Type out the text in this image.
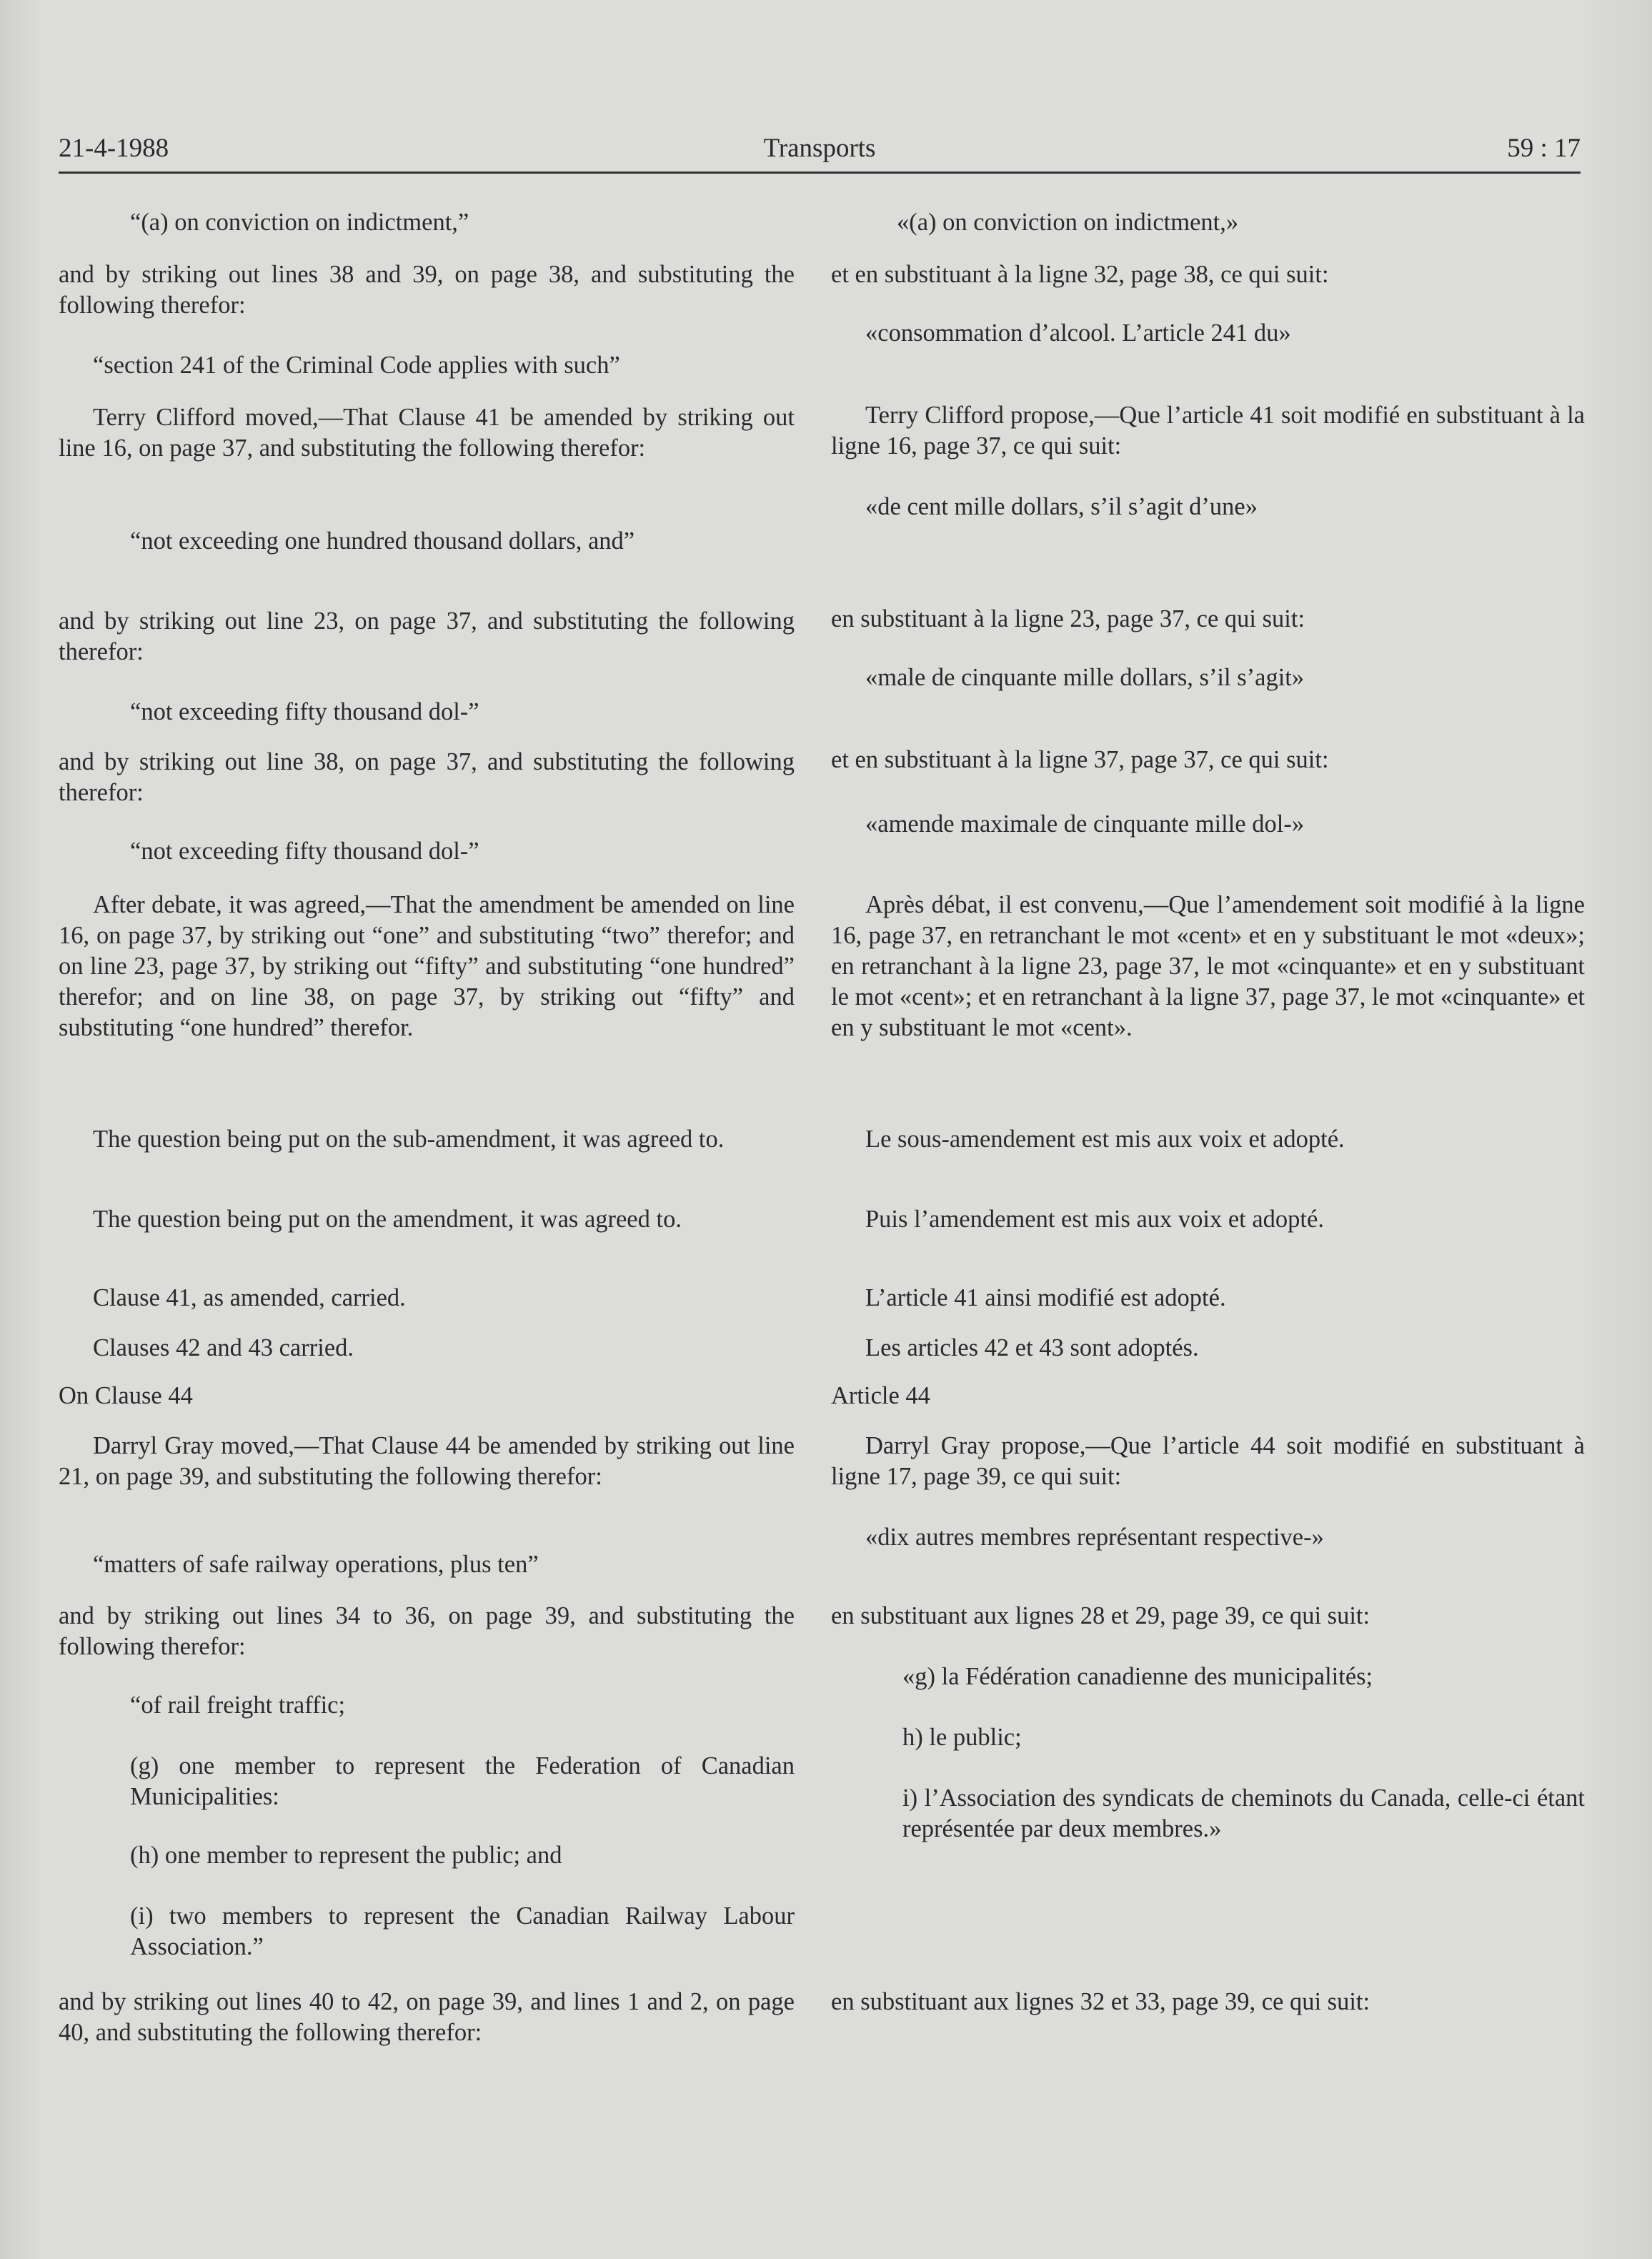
21-4-1988	Transports	59 : 17
“(a) on conviction on indictment,”
and by striking out lines 38 and 39, on page 38, and substituting the following therefor:
“section 241 of the Criminal Code applies with such”
Terry Clifford moved,—That Clause 41 be amended by striking out line 16, on page 37, and substituting the following therefor:
“not exceeding one hundred thousand dollars, and”
and by striking out line 23, on page 37, and substituting the following therefor:
“not exceeding fifty thousand dol-”
and by striking out line 38, on page 37, and substituting the following therefor:
“not exceeding fifty thousand dol-”
After debate, it was agreed,—That the amendment be amended on line 16, on page 37, by striking out “one” and substituting “two” therefor; and on line 23, page 37, by striking out “fifty” and substituting “one hundred” therefor; and on line 38, on page 37, by striking out “fifty” and substituting “one hundred” therefor.
The question being put on the sub-amendment, it was agreed to.
The question being put on the amendment, it was agreed to.
Clause 41, as amended, carried.
Clauses 42 and 43 carried.
On Clause 44
Darryl Gray moved,—That Clause 44 be amended by striking out line 21, on page 39, and substituting the following therefor:
“matters of safe railway operations, plus ten”
and by striking out lines 34 to 36, on page 39, and substituting the following therefor:
“of rail freight traffic;
(g) one member to represent the Federation of Canadian Municipalities:
(h) one member to represent the public; and
(i) two members to represent the Canadian Railway Labour Association.”
and by striking out lines 40 to 42, on page 39, and lines 1 and 2, on page 40, and substituting the following therefor:
«(a) on conviction on indictment,»
et en substituant à la ligne 32, page 38, ce qui suit:
«consommation d’alcool. L’article 241 du»
Terry Clifford propose,—Que l’article 41 soit modifié en substituant à la ligne 16, page 37, ce qui suit:
«de cent mille dollars, s’il s’agit d’une»
en substituant à la ligne 23, page 37, ce qui suit:
«male de cinquante mille dollars, s’il s’agit»
et en substituant à la ligne 37, page 37, ce qui suit:
«amende maximale de cinquante mille dol-»
Après débat, il est convenu,—Que l’amendement soit modifié à la ligne 16, page 37, en retranchant le mot «cent» et en y substituant le mot «deux»; en retranchant à la ligne 23, page 37, le mot «cinquante» et en y substituant le mot «cent»; et en retranchant à la ligne 37, page 37, le mot «cinquante» et en y substituant le mot «cent».
Le sous-amendement est mis aux voix et adopté.
Puis l’amendement est mis aux voix et adopté.
L’article 41 ainsi modifié est adopté.
Les articles 42 et 43 sont adoptés.
Article 44
Darryl Gray propose,—Que l’article 44 soit modifié en substituant à ligne 17, page 39, ce qui suit:
«dix autres membres représentant respective-»
en substituant aux lignes 28 et 29, page 39, ce qui suit:
«g) la Fédération canadienne des municipalités;
h) le public;
i) l’Association des syndicats de cheminots du Canada, celle-ci étant représentée par deux membres.»
en substituant aux lignes 32 et 33, page 39, ce qui suit:
